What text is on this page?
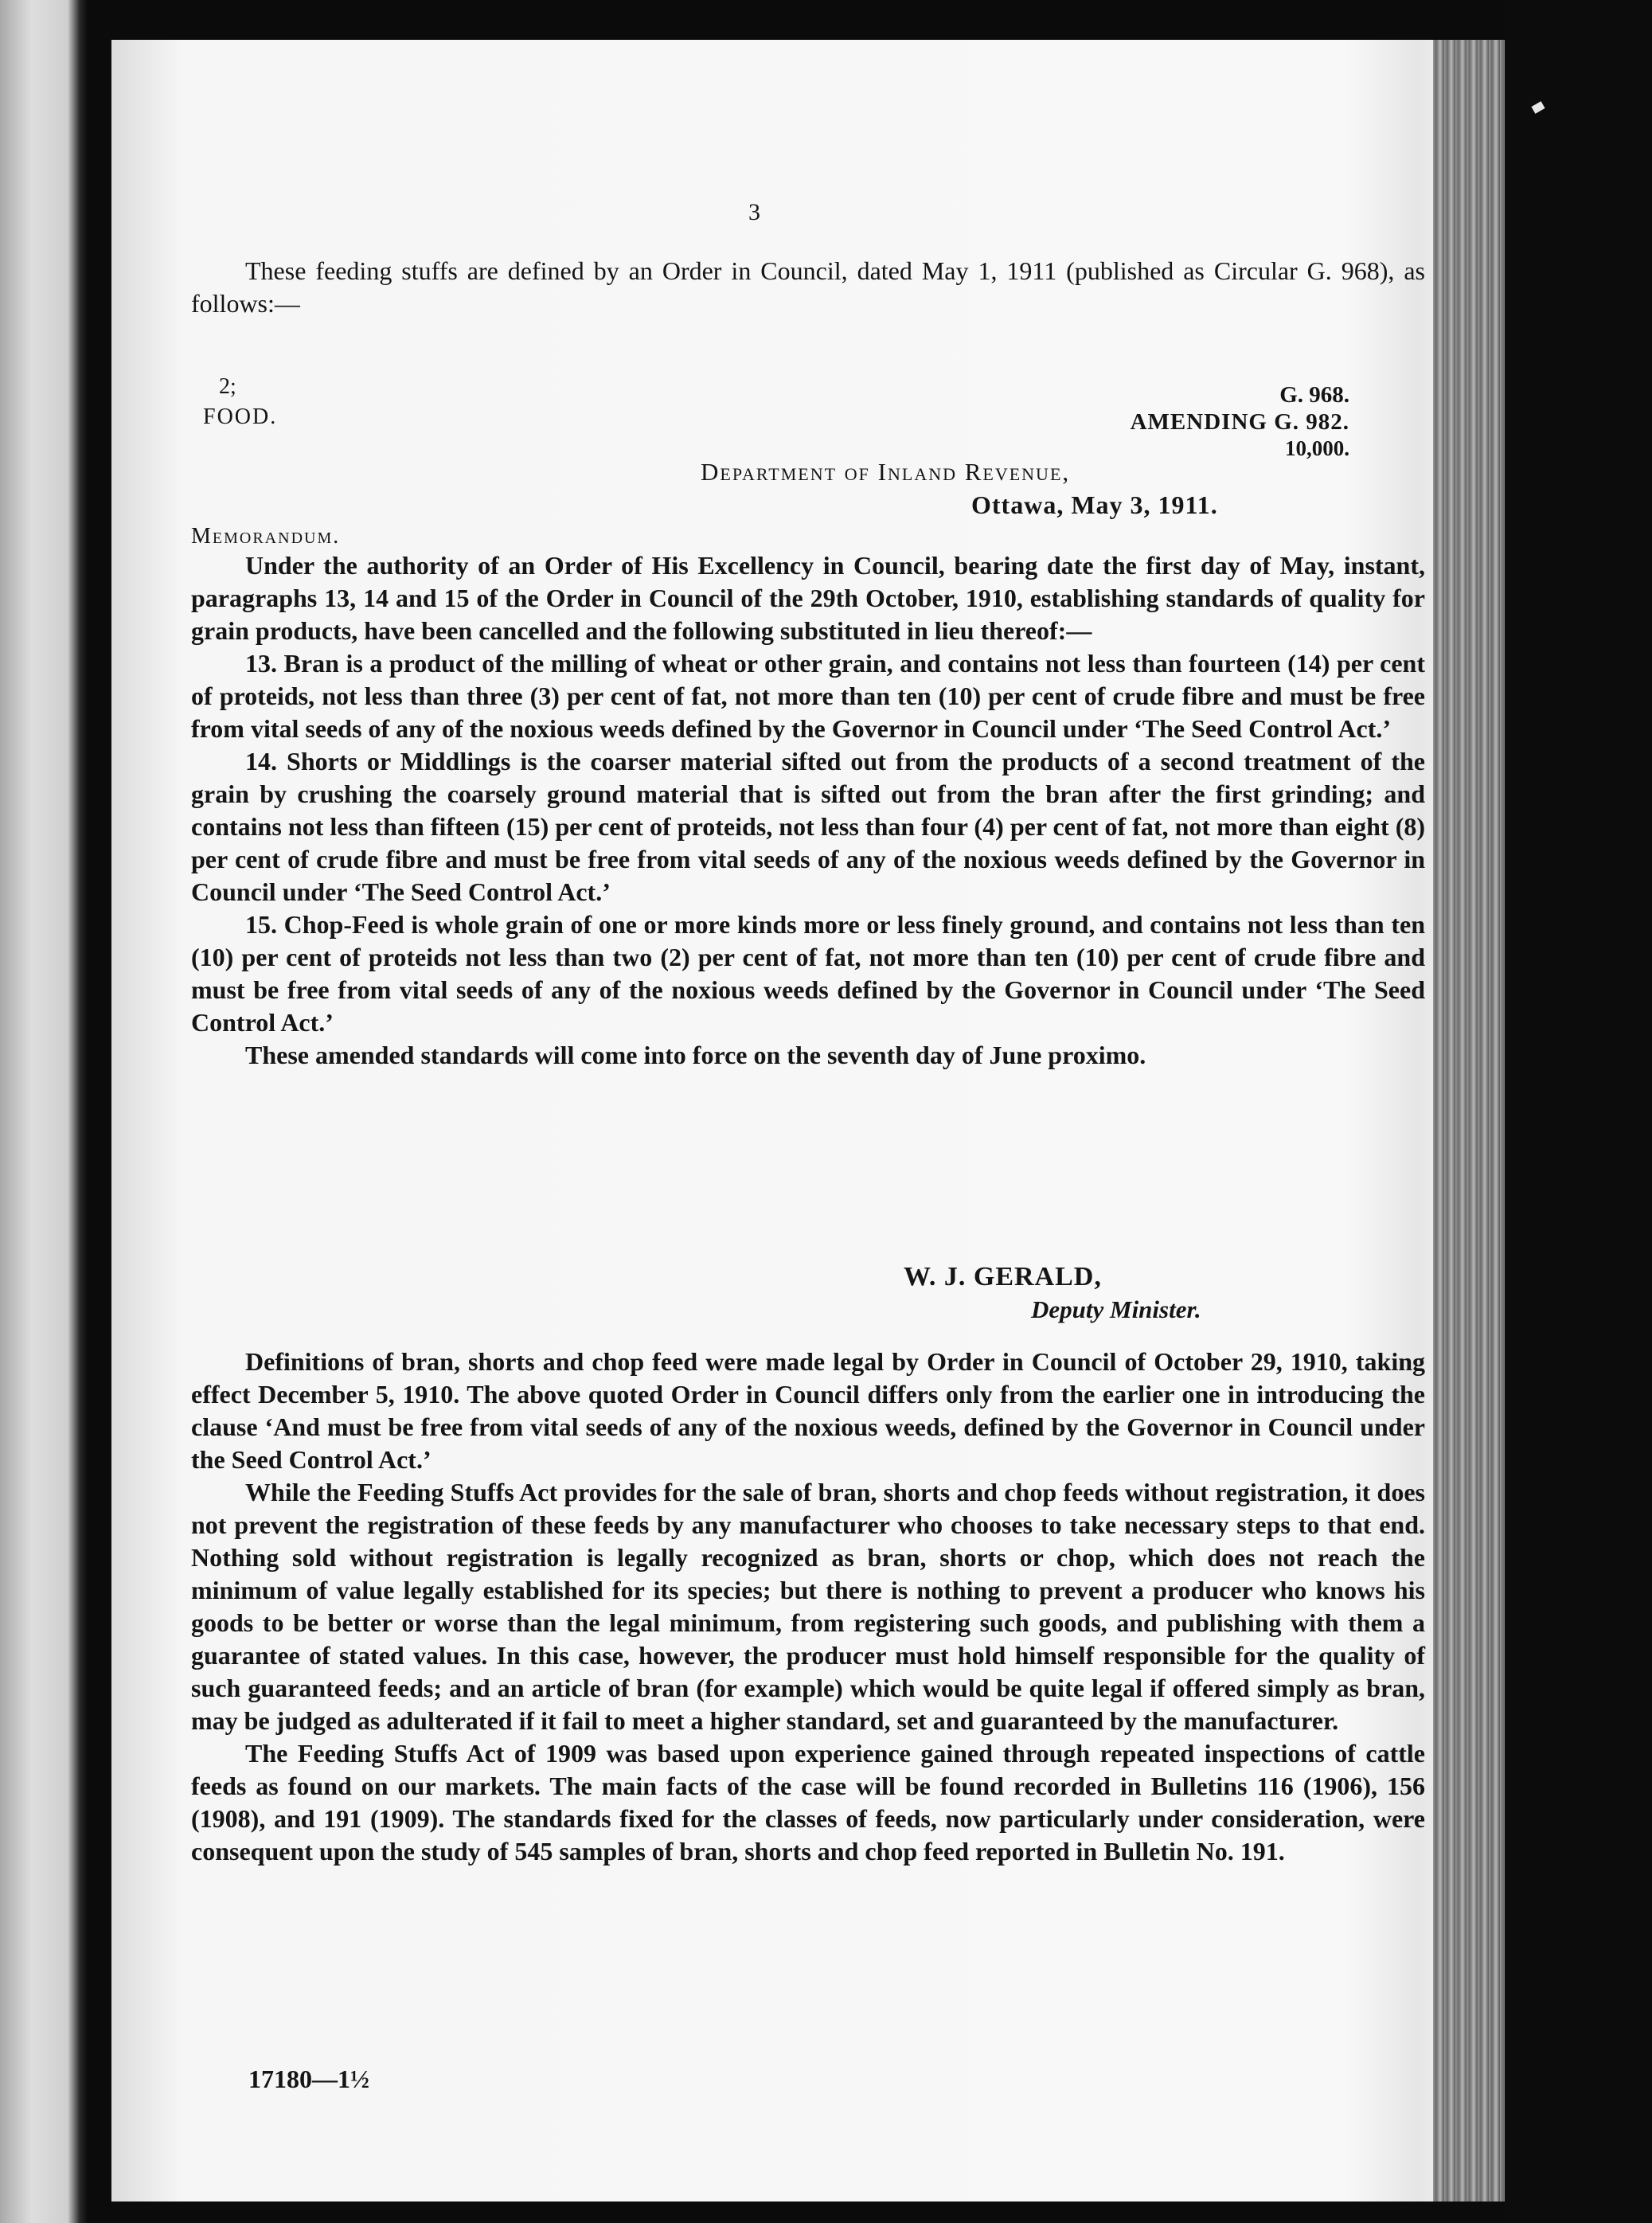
3
These feeding stuffs are defined by an Order in Council, dated May 1, 1911 (published as Circular G. 968), as follows:—
2;
FOOD.
G. 968.
AMENDING G. 982.
10,000.
Department of Inland Revenue,
Ottawa, May 3, 1911.
Memorandum.
Under the authority of an Order of His Excellency in Council, bearing date the first day of May, instant, paragraphs 13, 14 and 15 of the Order in Council of the 29th October, 1910, establishing standards of quality for grain products, have been cancelled and the following substituted in lieu thereof:—
13. Bran is a product of the milling of wheat or other grain, and contains not less than fourteen (14) per cent of proteids, not less than three (3) per cent of fat, not more than ten (10) per cent of crude fibre and must be free from vital seeds of any of the noxious weeds defined by the Governor in Council under ‘The Seed Control Act.’
14. Shorts or Middlings is the coarser material sifted out from the products of a second treatment of the grain by crushing the coarsely ground material that is sifted out from the bran after the first grinding; and contains not less than fifteen (15) per cent of proteids, not less than four (4) per cent of fat, not more than eight (8) per cent of crude fibre and must be free from vital seeds of any of the noxious weeds defined by the Governor in Council under ‘The Seed Control Act.’
15. Chop-Feed is whole grain of one or more kinds more or less finely ground, and contains not less than ten (10) per cent of proteids not less than two (2) per cent of fat, not more than ten (10) per cent of crude fibre and must be free from vital seeds of any of the noxious weeds defined by the Governor in Council under ‘The Seed Control Act.’
These amended standards will come into force on the seventh day of June proximo.
W. J. GERALD,
Deputy Minister.
Definitions of bran, shorts and chop feed were made legal by Order in Council of October 29, 1910, taking effect December 5, 1910. The above quoted Order in Council differs only from the earlier one in introducing the clause ‘And must be free from vital seeds of any of the noxious weeds, defined by the Governor in Council under the Seed Control Act.’
While the Feeding Stuffs Act provides for the sale of bran, shorts and chop feeds without registration, it does not prevent the registration of these feeds by any manufacturer who chooses to take necessary steps to that end. Nothing sold without registration is legally recognized as bran, shorts or chop, which does not reach the minimum of value legally established for its species; but there is nothing to prevent a producer who knows his goods to be better or worse than the legal minimum, from registering such goods, and publishing with them a guarantee of stated values. In this case, however, the producer must hold himself responsible for the quality of such guaranteed feeds; and an article of bran (for example) which would be quite legal if offered simply as bran, may be judged as adulterated if it fail to meet a higher standard, set and guaranteed by the manufacturer.
The Feeding Stuffs Act of 1909 was based upon experience gained through repeated inspections of cattle feeds as found on our markets. The main facts of the case will be found recorded in Bulletins 116 (1906), 156 (1908), and 191 (1909). The standards fixed for the classes of feeds, now particularly under consideration, were consequent upon the study of 545 samples of bran, shorts and chop feed reported in Bulletin No. 191.
17180—1½
